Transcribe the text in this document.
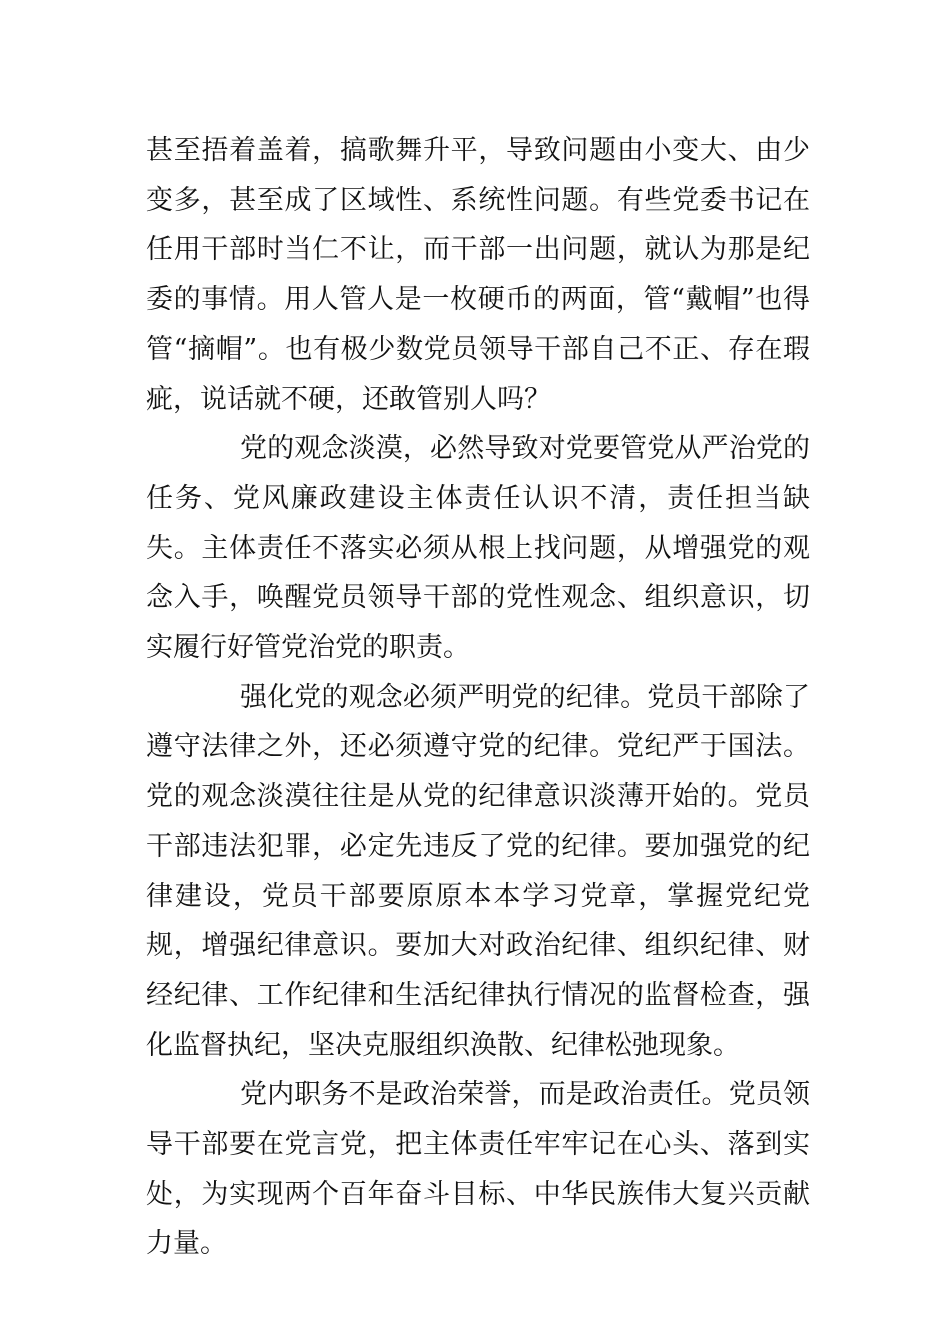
甚至捂着盖着，搞歌舞升平，导致问题由小变大、由少变多，甚至成了区域性、系统性问题。有些党委书记在任用干部时当仁不让，而干部一出问题，就认为那是纪委的事情。用人管人是一枚硬币的两面，管“戴帽”也得管“摘帽”。也有极少数党员领导干部自己不正、存在瑕疵，说话就不硬，还敢管别人吗？

党的观念淡漠，必然导致对党要管党从严治党的任务、党风廉政建设主体责任认识不清，责任担当缺失。主体责任不落实必须从根上找问题，从增强党的观念入手，唤醒党员领导干部的党性观念、组织意识，切实履行好管党治党的职责。

强化党的观念必须严明党的纪律。党员干部除了遵守法律之外，还必须遵守党的纪律。党纪严于国法。党的观念淡漠往往是从党的纪律意识淡薄开始的。党员干部违法犯罪，必定先违反了党的纪律。要加强党的纪律建设，党员干部要原原本本学习党章，掌握党纪党规，增强纪律意识。要加大对政治纪律、组织纪律、财经纪律、工作纪律和生活纪律执行情况的监督检查，强化监督执纪，坚决克服组织涣散、纪律松弛现象。

党内职务不是政治荣誉，而是政治责任。党员领导干部要在党言党，把主体责任牢牢记在心头、落到实处，为实现两个百年奋斗目标、中华民族伟大复兴贡献力量。
